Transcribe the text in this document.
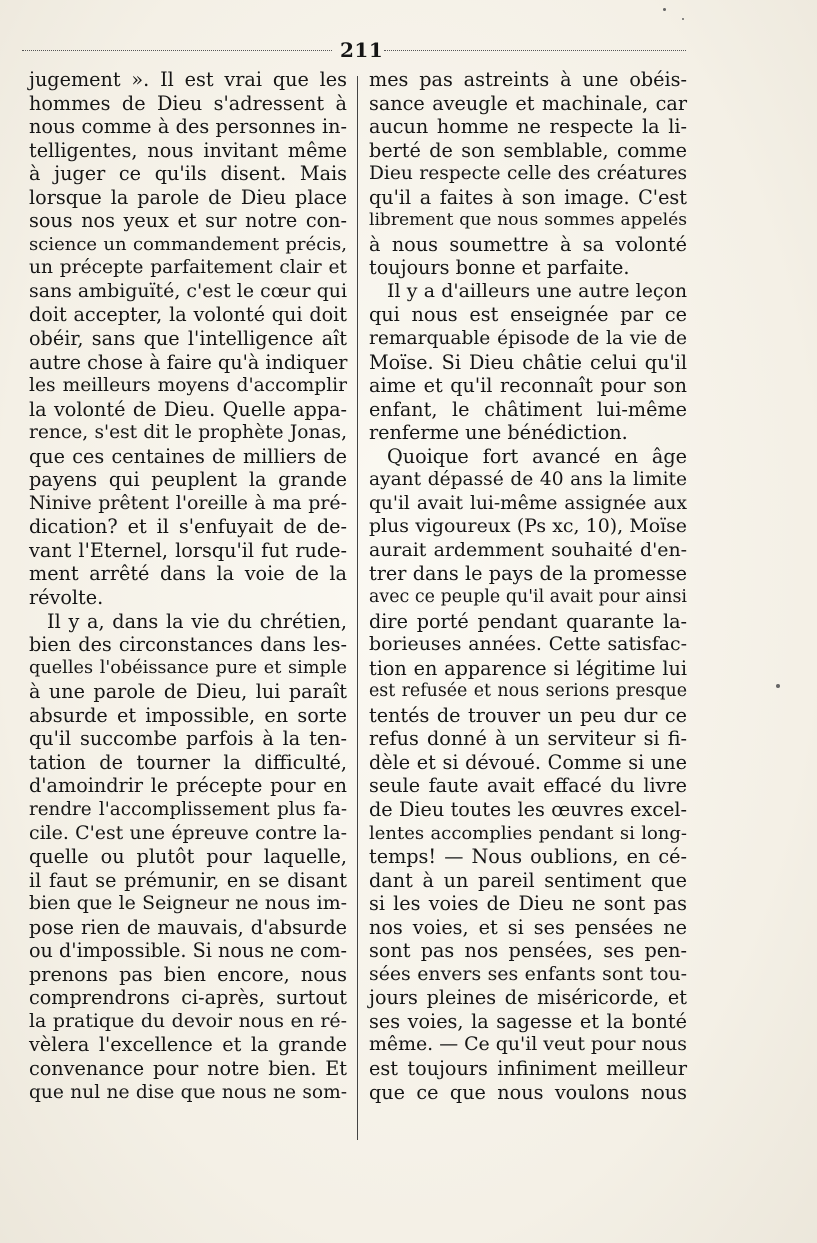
211
jugement ». Il est vrai que les
hommes de Dieu s'adressent à
nous comme à des personnes in-
telligentes, nous invitant même
à juger ce qu'ils disent. Mais
lorsque la parole de Dieu place
sous nos yeux et sur notre con-
science un commandement précis,
un précepte parfaitement clair et
sans ambiguïté, c'est le cœur qui
doit accepter, la volonté qui doit
obéir, sans que l'intelligence aît
autre chose à faire qu'à indiquer
les meilleurs moyens d'accomplir
la volonté de Dieu. Quelle appa-
rence, s'est dit le prophète Jonas,
que ces centaines de milliers de
payens qui peuplent la grande
Ninive prêtent l'oreille à ma pré-
dication? et il s'enfuyait de de-
vant l'Eternel, lorsqu'il fut rude-
ment arrêté dans la voie de la
révolte.
Il y a, dans la vie du chrétien,
bien des circonstances dans les-
quelles l'obéissance pure et simple
à une parole de Dieu, lui paraît
absurde et impossible, en sorte
qu'il succombe parfois à la ten-
tation de tourner la difficulté,
d'amoindrir le précepte pour en
rendre l'accomplissement plus fa-
cile. C'est une épreuve contre la-
quelle ou plutôt pour laquelle,
il faut se prémunir, en se disant
bien que le Seigneur ne nous im-
pose rien de mauvais, d'absurde
ou d'impossible. Si nous ne com-
prenons pas bien encore, nous
comprendrons ci-après, surtout
la pratique du devoir nous en ré-
vèlera l'excellence et la grande
convenance pour notre bien. Et
que nul ne dise que nous ne som-
mes pas astreints à une obéis-
sance aveugle et machinale, car
aucun homme ne respecte la li-
berté de son semblable, comme
Dieu respecte celle des créatures
qu'il a faites à son image. C'est
librement que nous sommes appelés
à nous soumettre à sa volonté
toujours bonne et parfaite.
Il y a d'ailleurs une autre leçon
qui nous est enseignée par ce
remarquable épisode de la vie de
Moïse. Si Dieu châtie celui qu'il
aime et qu'il reconnaît pour son
enfant, le châtiment lui-même
renferme une bénédiction.
Quoique fort avancé en âge
ayant dépassé de 40 ans la limite
qu'il avait lui-même assignée aux
plus vigoureux (Ps xc, 10), Moïse
aurait ardemment souhaité d'en-
trer dans le pays de la promesse
avec ce peuple qu'il avait pour ainsi
dire porté pendant quarante la-
borieuses années. Cette satisfac-
tion en apparence si légitime lui
est refusée et nous serions presque
tentés de trouver un peu dur ce
refus donné à un serviteur si fi-
dèle et si dévoué. Comme si une
seule faute avait effacé du livre
de Dieu toutes les œuvres excel-
lentes accomplies pendant si long-
temps! — Nous oublions, en cé-
dant à un pareil sentiment que
si les voies de Dieu ne sont pas
nos voies, et si ses pensées ne
sont pas nos pensées, ses pen-
sées envers ses enfants sont tou-
jours pleines de miséricorde, et
ses voies, la sagesse et la bonté
même. — Ce qu'il veut pour nous
est toujours infiniment meilleur
que ce que nous voulons nous
